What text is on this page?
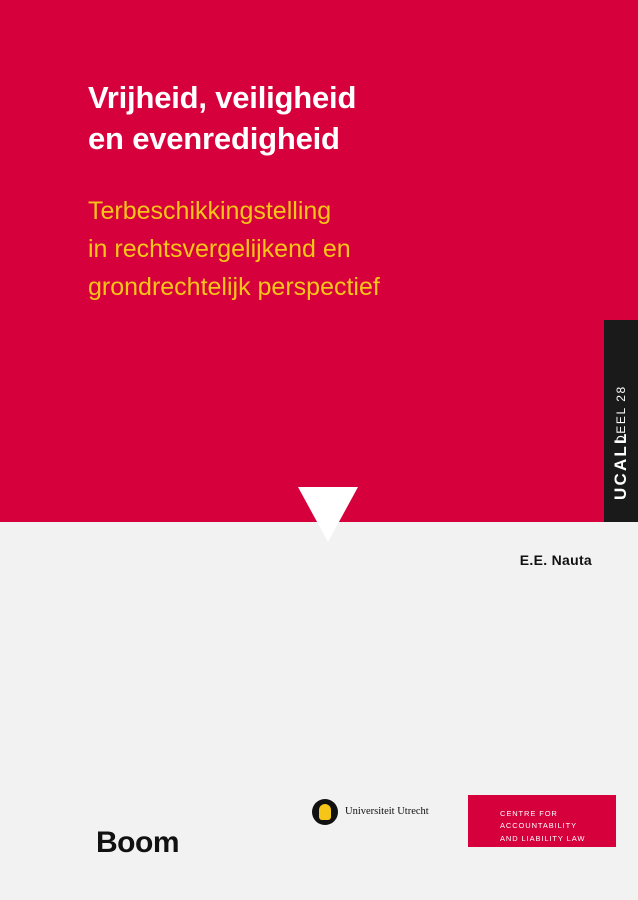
Vrijheid, veiligheid
en evenredigheid
Terbeschikkingstelling
in rechtsvergelijkend en
grondrechtelijk perspectief
DEEL 28
UCALL
E.E. Nauta
Boom
Universiteit Utrecht	CENTRE FOR
ACCOUNTABILITY
AND LIABILITY LAW
